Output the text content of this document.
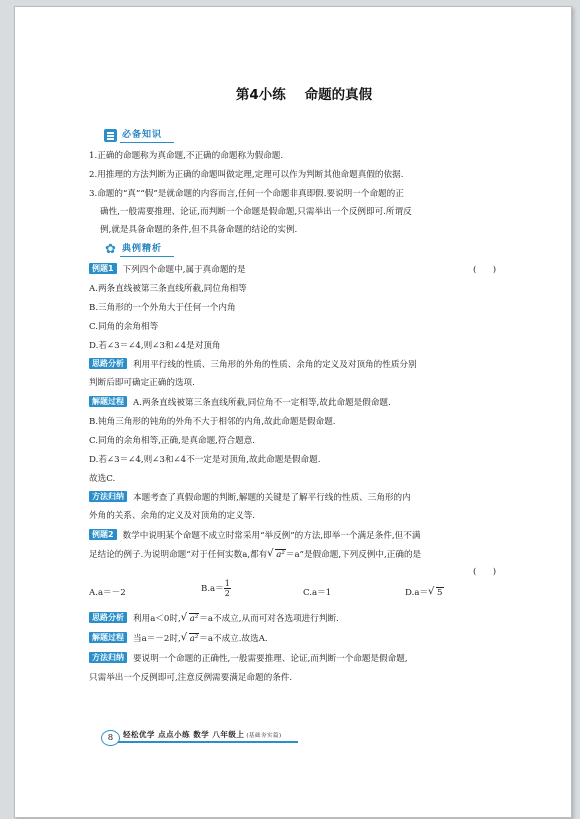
第4小练    命题的真假
必备知识
1.正确的命题称为真命题,不正确的命题称为假命题.
2.用推理的方法判断为正确的命题叫做定理,定理可以作为判断其他命题真假的依据.
3.命题的“真”“假”是就命题的内容而言,任何一个命题非真即假.要说明一个命题的正
确性,一般需要推理、论证,而判断一个命题是假命题,只需举出一个反例即可.所谓反
例,就是具备命题的条件,但不具备命题的结论的实例.
✿ 典例精析
例题1 下列四个命题中,属于真命题的是	(      )
A.两条直线被第三条直线所截,同位角相等
B.三角形的一个外角大于任何一个内角
C.同角的余角相等
D.若∠3＝∠4,则∠3和∠4是对顶角
思路分析 利用平行线的性质、三角形的外角的性质、余角的定义及对顶角的性质分别
判断后即可确定正确的选项.
解题过程 A.两条直线被第三条直线所截,同位角不一定相等,故此命题是假命题.
B.钝角三角形的钝角的外角不大于相邻的内角,故此命题是假命题.
C.同角的余角相等,正确,是真命题,符合题意.
D.若∠3＝∠4,则∠3和∠4不一定是对顶角,故此命题是假命题.
故选C.
方法归纳 本题考查了真假命题的判断,解题的关键是了解平行线的性质、三角形的内
外角的关系、余角的定义及对顶角的定义等.
例题2 数学中说明某个命题不成立时常采用“举反例”的方法,即举一个满足条件,但不满
足结论的例子.为说明命题“对于任何实数a,都有 √ a²＝a”是假命题,下列反例中,正确的是
(      )
A.a＝－2	$B.a= \frac{1}{2}$	C.a＝1	D.a＝ √ 5
思路分析 利用a＜0时, √ a²＝a不成立,从而可对各选项进行判断.
解题过程 当a＝－2时, √ a²＝a不成立.故选A.
方法归纳 要说明一个命题的正确性,一般需要推理、论证,而判断一个命题是假命题,
只需举出一个反例即可,注意反例需要满足命题的条件.
8	轻松优学 点点小练 数学 八年级上 (基础夯实篇)
